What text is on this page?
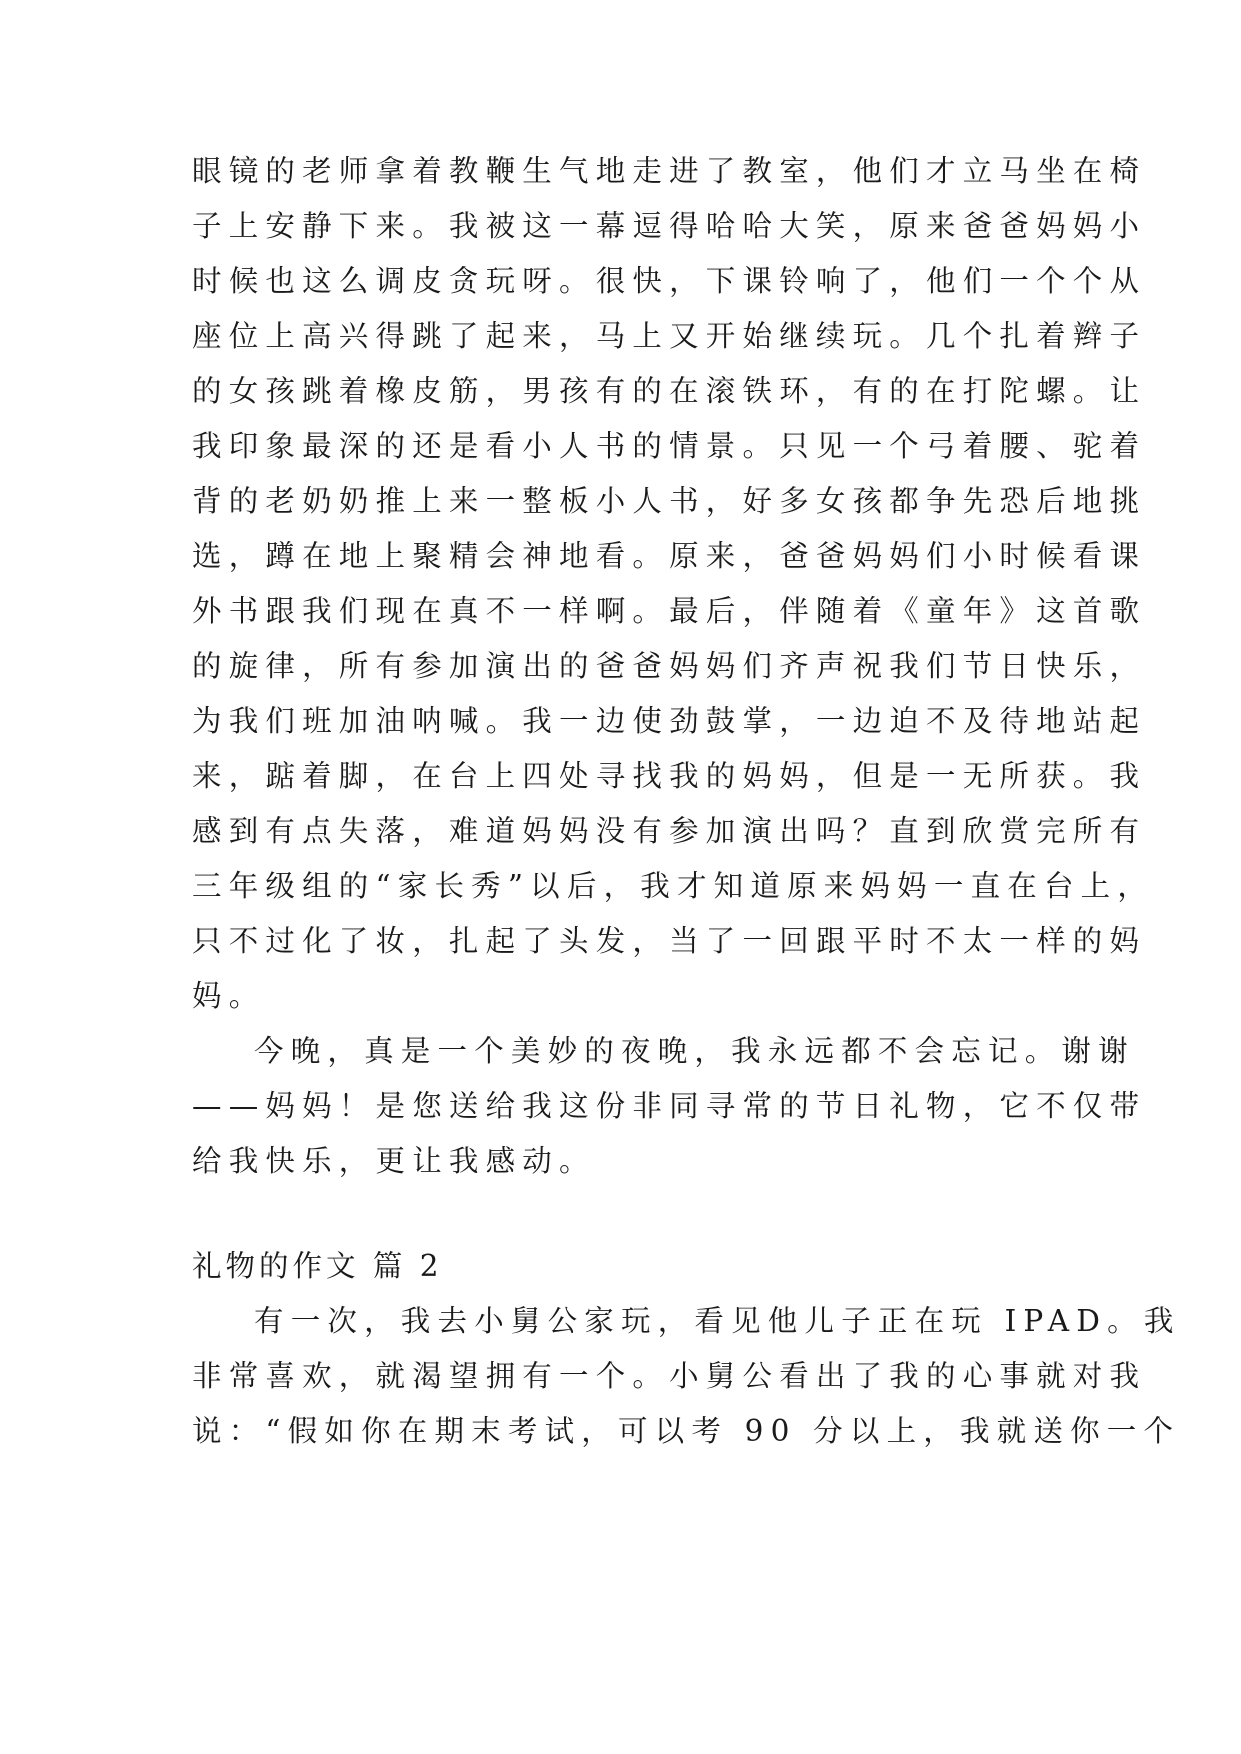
眼镜的老师拿着教鞭生气地走进了教室，他们才立马坐在椅
子上安静下来。我被这一幕逗得哈哈大笑，原来爸爸妈妈小
时候也这么调皮贪玩呀。很快，下课铃响了，他们一个个从
座位上高兴得跳了起来，马上又开始继续玩。几个扎着辫子
的女孩跳着橡皮筋，男孩有的在滚铁环，有的在打陀螺。让
我印象最深的还是看小人书的情景。只见一个弓着腰、驼着
背的老奶奶推上来一整板小人书，好多女孩都争先恐后地挑
选，蹲在地上聚精会神地看。原来，爸爸妈妈们小时候看课
外书跟我们现在真不一样啊。最后，伴随着《童年》这首歌
的旋律，所有参加演出的爸爸妈妈们齐声祝我们节日快乐，
为我们班加油呐喊。我一边使劲鼓掌，一边迫不及待地站起
来，踮着脚，在台上四处寻找我的妈妈，但是一无所获。我
感到有点失落，难道妈妈没有参加演出吗？直到欣赏完所有
三年级组的“家长秀”以后，我才知道原来妈妈一直在台上，
只不过化了妆，扎起了头发，当了一回跟平时不太一样的妈
妈。
今晚，真是一个美妙的夜晚，我永远都不会忘记。谢谢
——妈妈！是您送给我这份非同寻常的节日礼物，它不仅带
给我快乐，更让我感动。
礼物的作文 篇 2
有一次，我去小舅公家玩，看见他儿子正在玩 IPAD。我
非常喜欢，就渴望拥有一个。小舅公看出了我的心事就对我
说：“假如你在期末考试，可以考 90 分以上，我就送你一个
